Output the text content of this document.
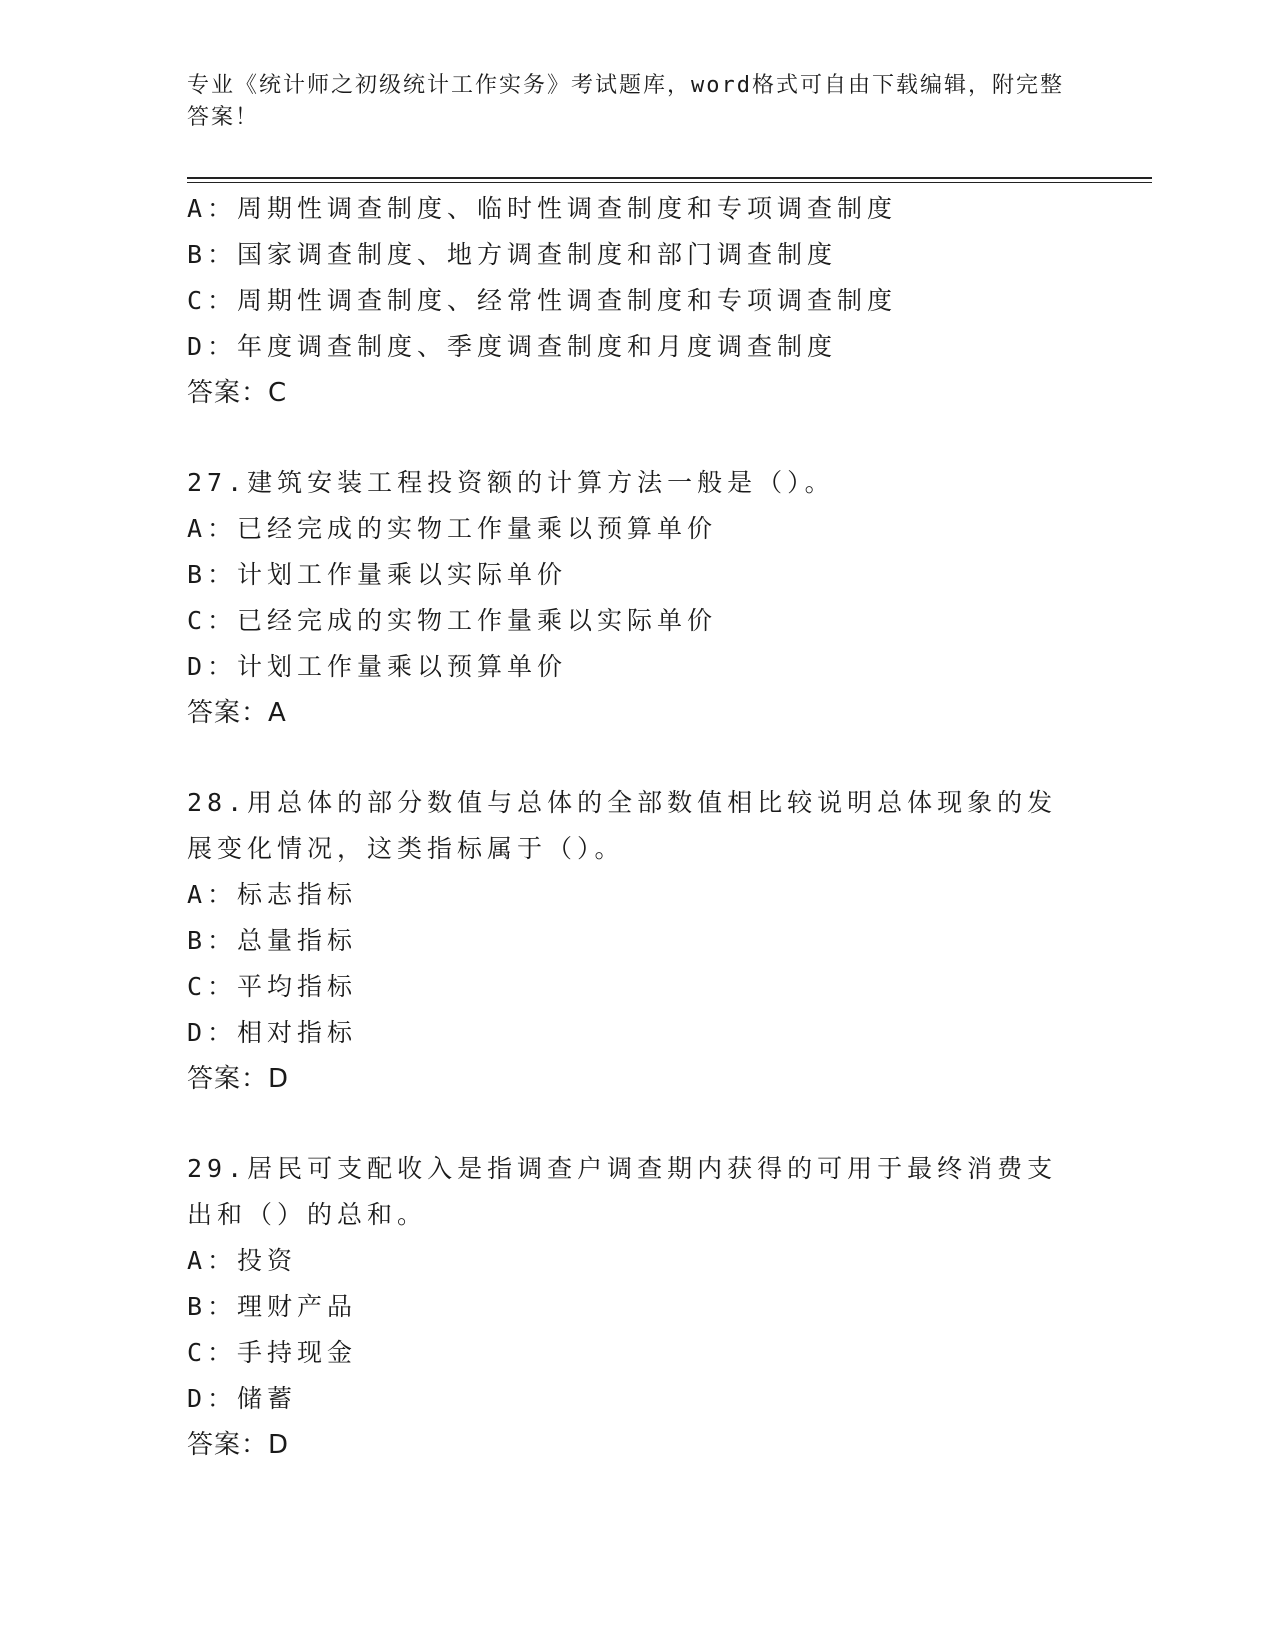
专业《统计师之初级统计工作实务》考试题库，word格式可自由下载编辑，附完整答案！
A：周期性调查制度、临时性调查制度和专项调查制度
B：国家调查制度、地方调查制度和部门调查制度
C：周期性调查制度、经常性调查制度和专项调查制度
D：年度调查制度、季度调查制度和月度调查制度
答案：C
27.建筑安装工程投资额的计算方法一般是（）。
A：已经完成的实物工作量乘以预算单价
B：计划工作量乘以实际单价
C：已经完成的实物工作量乘以实际单价
D：计划工作量乘以预算单价
答案：A
28.用总体的部分数值与总体的全部数值相比较说明总体现象的发展变化情况，这类指标属于（）。
A：标志指标
B：总量指标
C：平均指标
D：相对指标
答案：D
29.居民可支配收入是指调查户调查期内获得的可用于最终消费支出和（）的总和。
A：投资
B：理财产品
C：手持现金
D：储蓄
答案：D
